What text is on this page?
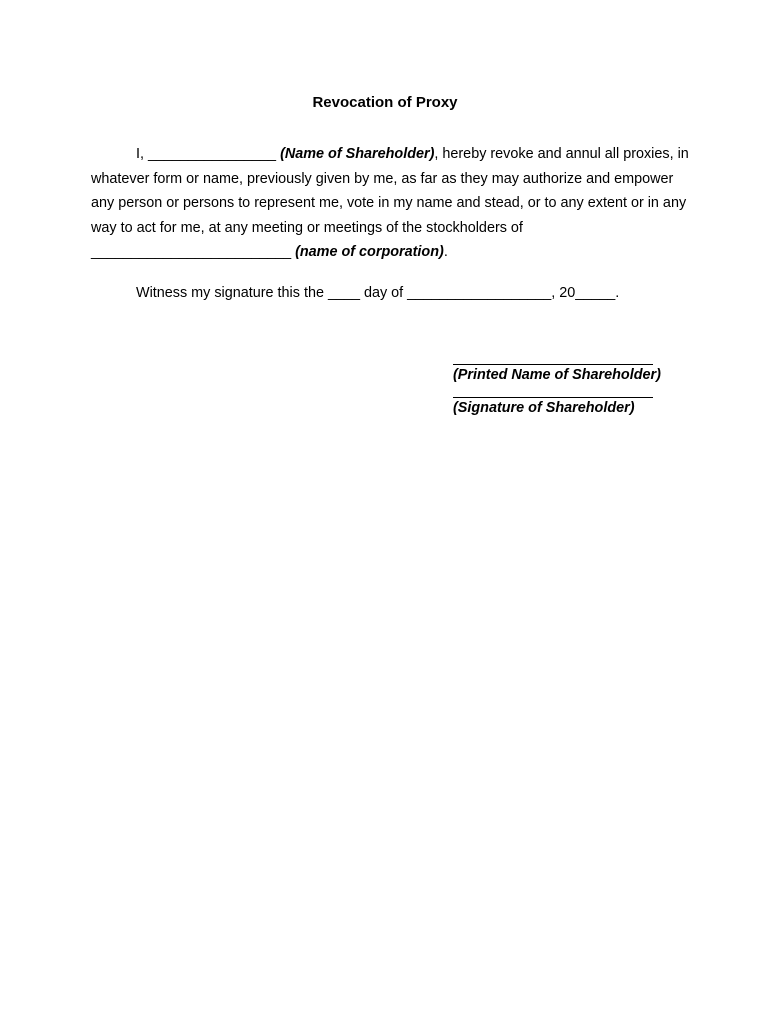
Revocation of Proxy

I, ________________ (Name of Shareholder), hereby revoke and annul all proxies, in whatever form or name, previously given by me, as far as they may authorize and empower any person or persons to represent me, vote in my name and stead, or to any extent or in any way to act for me, at any meeting or meetings of the stockholders of _________________________ (name of corporation).

Witness my signature this the ____ day of __________________, 20_____.

(Printed Name of Shareholder)
(Signature of Shareholder)
